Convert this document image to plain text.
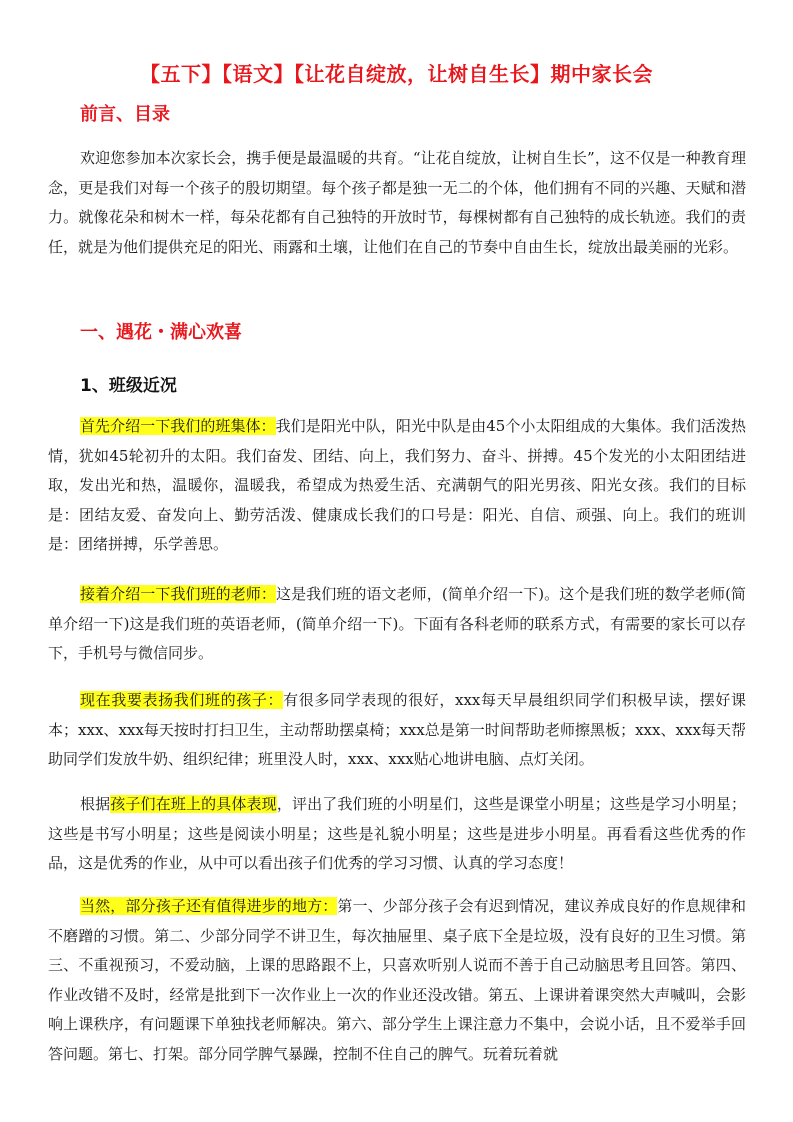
【五下】【语文】【让花自绽放，让树自生长】期中家长会
前言、目录

欢迎您参加本次家长会，携手便是最温暖的共育。“让花自绽放，让树自生长”，这不仅是一种教育理念，更是我们对每一个孩子的殷切期望。每个孩子都是独一无二的个体，他们拥有不同的兴趣、天赋和潜力。就像花朵和树木一样，每朵花都有自己独特的开放时节，每棵树都有自己独特的成长轨迹。我们的责任，就是为他们提供充足的阳光、雨露和土壤，让他们在自己的节奏中自由生长，绽放出最美丽的光彩。

一、遇花・满心欢喜
1、班级近况

首先介绍一下我们的班集体：我们是阳光中队，阳光中队是由45个小太阳组成的大集体。我们活泼热情，犹如45轮初升的太阳。我们奋发、团结、向上，我们努力、奋斗、拼搏。45个发光的小太阳团结进取，发出光和热，温暖你，温暖我，希望成为热爱生活、充满朝气的阳光男孩、阳光女孩。我们的目标是：团结友爱、奋发向上、勤劳活泼、健康成长我们的口号是：阳光、自信、顽强、向上。我们的班训是：团绪拼搏，乐学善思。

接着介绍一下我们班的老师：这是我们班的语文老师，(简单介绍一下)。这个是我们班的数学老师(简单介绍一下)这是我们班的英语老师，(简单介绍一下)。下面有各科老师的联系方式，有需要的家长可以存下，手机号与微信同步。

现在我要表扬我们班的孩子：有很多同学表现的很好，xxx每天早晨组织同学们积极早读，摆好课本；xxx、xxx每天按时打扫卫生，主动帮助摆桌椅；xxx总是第一时间帮助老师擦黑板；xxx、xxx每天帮助同学们发放牛奶、组织纪律；班里没人时，xxx、xxx贴心地讲电脑、点灯关闭。

根据孩子们在班上的具体表现，评出了我们班的小明星们，这些是课堂小明星；这些是学习小明星；这些是书写小明星；这些是阅读小明星；这些是礼貌小明星；这些是进步小明星。再看看这些优秀的作品，这是优秀的作业，从中可以看出孩子们优秀的学习习惯、认真的学习态度！

当然，部分孩子还有值得进步的地方：第一、少部分孩子会有迟到情况，建议养成良好的作息规律和不磨蹭的习惯。第二、少部分同学不讲卫生，每次抽屉里、桌子底下全是垃圾，没有良好的卫生习惯。第三、不重视预习，不爱动脑，上课的思路跟不上，只喜欢听别人说而不善于自己动脑思考且回答。第四、作业改错不及时，经常是批到下一次作业上一次的作业还没改错。第五、上课讲着课突然大声喊叫，会影响上课秩序，有问题课下单独找老师解决。第六、部分学生上课注意力不集中，会说小话，且不爱举手回答问题。第七、打架。部分同学脾气暴躁，控制不住自己的脾气。玩着玩着就
